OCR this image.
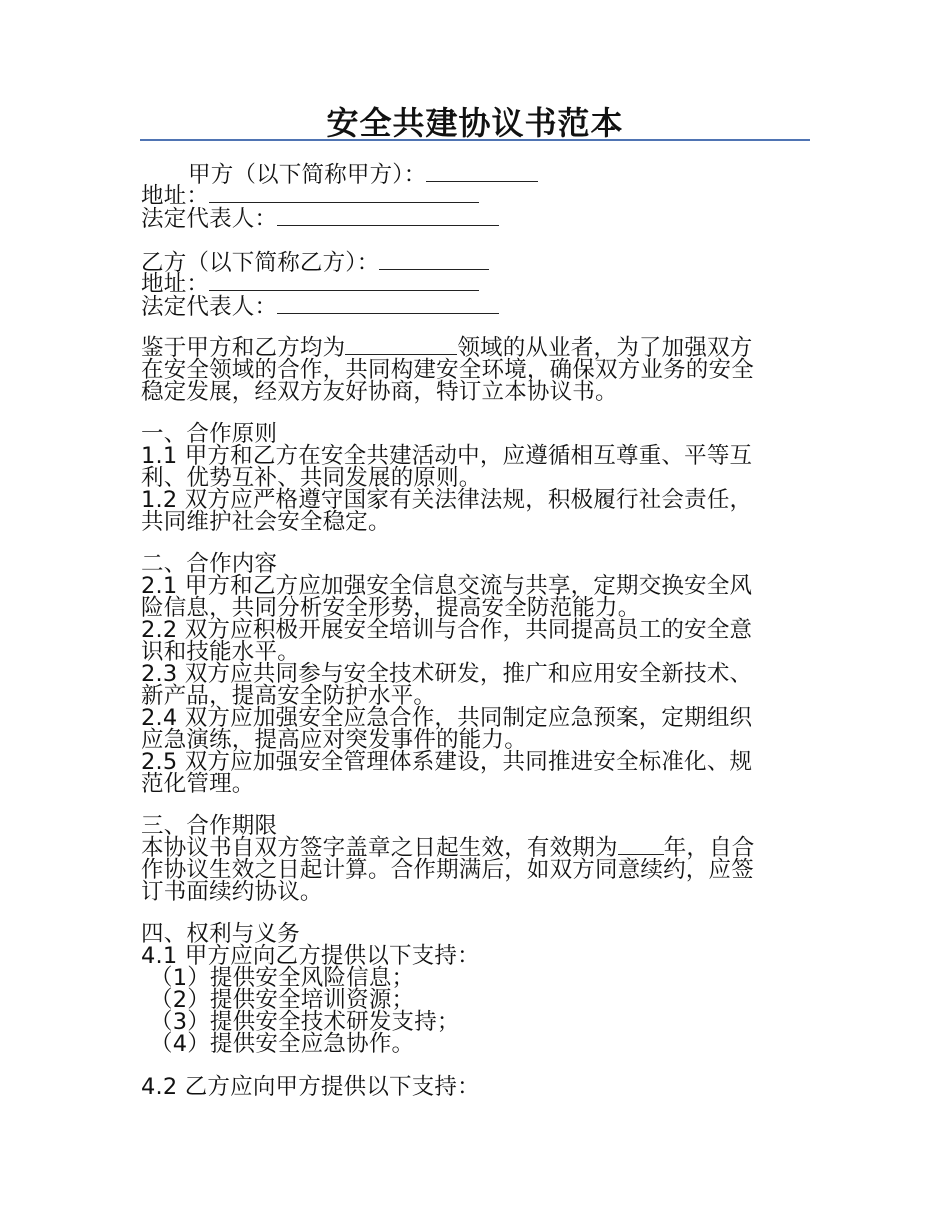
安全共建协议书范本
甲方（以下简称甲方）：
地址：
法定代表人：
乙方（以下简称乙方）：
地址：
法定代表人：
鉴于甲方和乙方均为	领域的从业者，为了加强双方
在安全领域的合作，共同构建安全环境，确保双方业务的安全
稳定发展，经双方友好协商，特订立本协议书。
一、合作原则
1.1 甲方和乙方在安全共建活动中，应遵循相互尊重、平等互
利、优势互补、共同发展的原则。
1.2 双方应严格遵守国家有关法律法规，积极履行社会责任，
共同维护社会安全稳定。
二、合作内容
2.1 甲方和乙方应加强安全信息交流与共享，定期交换安全风
险信息，共同分析安全形势，提高安全防范能力。
2.2 双方应积极开展安全培训与合作，共同提高员工的安全意
识和技能水平。
2.3 双方应共同参与安全技术研发，推广和应用安全新技术、
新产品，提高安全防护水平。
2.4 双方应加强安全应急合作，共同制定应急预案，定期组织
应急演练，提高应对突发事件的能力。
2.5 双方应加强安全管理体系建设，共同推进安全标准化、规
范化管理。
三、合作期限
本协议书自双方签字盖章之日起生效，有效期为 年，自合
作协议生效之日起计算。合作期满后，如双方同意续约，应签
订书面续约协议。
四、权利与义务
4.1 甲方应向乙方提供以下支持：
（1）提供安全风险信息；
（2）提供安全培训资源；
（3）提供安全技术研发支持；
（4）提供安全应急协作。
4.2 乙方应向甲方提供以下支持：
